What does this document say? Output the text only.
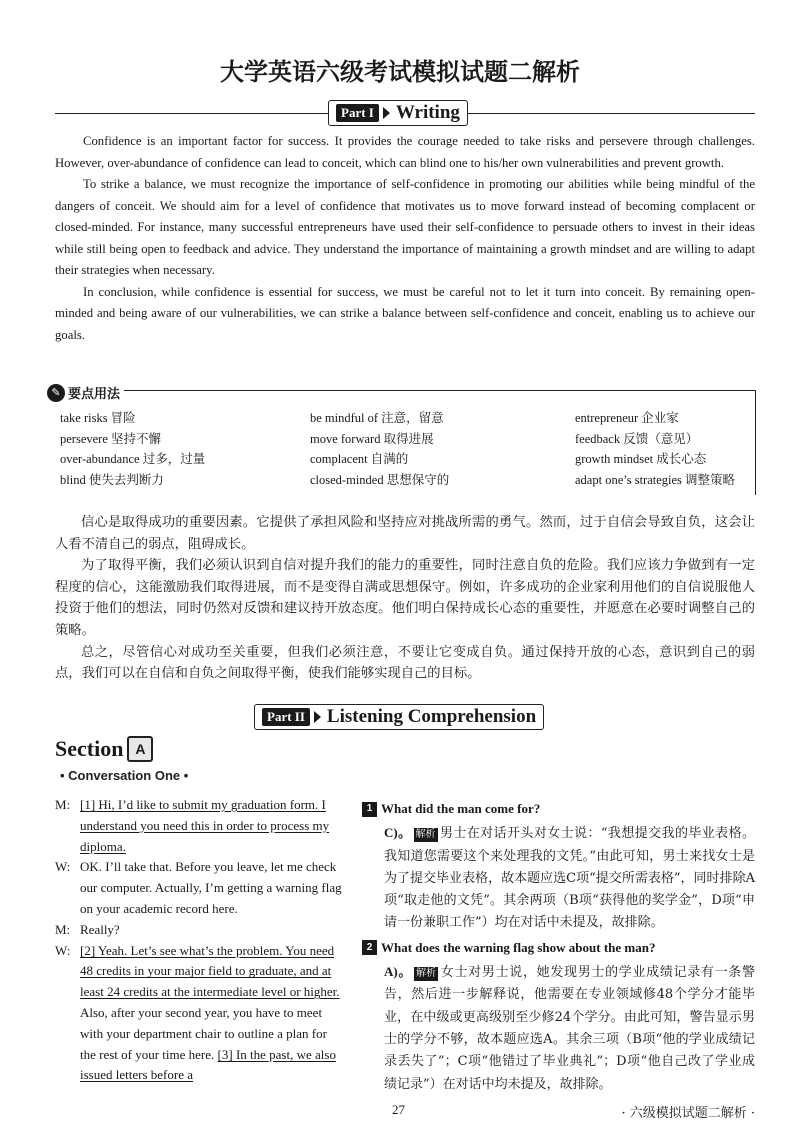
大学英语六级考试模拟试题二解析
Part I Writing

Confidence is an important factor for success. It provides the courage needed to take risks and persevere through challenges. However, over-abundance of confidence can lead to conceit, which can blind one to his/her own vulnerabilities and prevent growth.

To strike a balance, we must recognize the importance of self-confidence in promoting our abilities while being mindful of the dangers of conceit. We should aim for a level of confidence that motivates us to move forward instead of becoming complacent or closed-minded. For instance, many successful entrepreneurs have used their self-confidence to persuade others to invest in their ideas while still being open to feedback and advice. They understand the importance of maintaining a growth mindset and are willing to adapt their strategies when necessary.

In conclusion, while confidence is essential for success, we must be careful not to let it turn into conceit. By remaining open-minded and being aware of our vulnerabilities, we can strike a balance between self-confidence and conceit, enabling us to achieve our goals.

✎ 要点用法
take risks 冒险	be mindful of 注意，留意	entrepreneur 企业家
persevere 坚持不懈	move forward 取得进展	feedback 反馈（意见）
over-abundance 过多，过量	complacent 自满的	growth mindset 成长心态
blind 使失去判断力	closed-minded 思想保守的	adapt one’s strategies 调整策略

信心是取得成功的重要因素。它提供了承担风险和坚持应对挑战所需的勇气。然而，过于自信会导致自负，这会让人看不清自己的弱点，阻碍成长。

为了取得平衡，我们必须认识到自信对提升我们的能力的重要性，同时注意自负的危险。我们应该力争做到有一定程度的信心，这能激励我们取得进展，而不是变得自满或思想保守。例如，许多成功的企业家利用他们的自信说服他人投资于他们的想法，同时仍然对反馈和建议持开放态度。他们明白保持成长心态的重要性，并愿意在必要时调整自己的策略。

总之，尽管信心对成功至关重要，但我们必须注意，不要让它变成自负。通过保持开放的心态，意识到自己的弱点，我们可以在自信和自负之间取得平衡，使我们能够实现自己的目标。

Part II Listening Comprehension
Section A
• Conversation One •
M: [1] Hi, I’d like to submit my graduation form. I understand you need this in order to process my diploma.
W: OK. I’ll take that. Before you leave, let me check our computer. Actually, I’m getting a warning flag on your academic record here.
M: Really?
W: [2] Yeah. Let’s see what’s the problem. You need 48 credits in your major field to graduate, and at least 24 credits at the intermediate level or higher. Also, after your second year, you have to meet with your department chair to outline a plan for the rest of your time here. [3] In the past, we also issued letters before a
1 What did the man come for?
C)。 解析 男士在对话开头对女士说：“我想提交我的毕业表格。我知道您需要这个来处理我的文凭。”由此可知，男士来找女士是为了提交毕业表格，故本题应选C项“提交所需表格”，同时排除A项“取走他的文凭”。其余两项（B项“获得他的奖学金”，D项“申请一份兼职工作”）均在对话中未提及，故排除。
2 What does the warning flag show about the man?
A)。 解析 女士对男士说，她发现男士的学业成绩记录有一条警告，然后进一步解释说，他需要在专业领域修48个学分才能毕业，在中级或更高级别至少修24个学分。由此可知，警告显示男士的学分不够，故本题应选A。其余三项（B项“他的学业成绩记录丢失了”；C项“他错过了毕业典礼”；D项“他自己改了学业成绩记录”）在对话中均未提及，故排除。
27	· 六级模拟试题二解析 ·
